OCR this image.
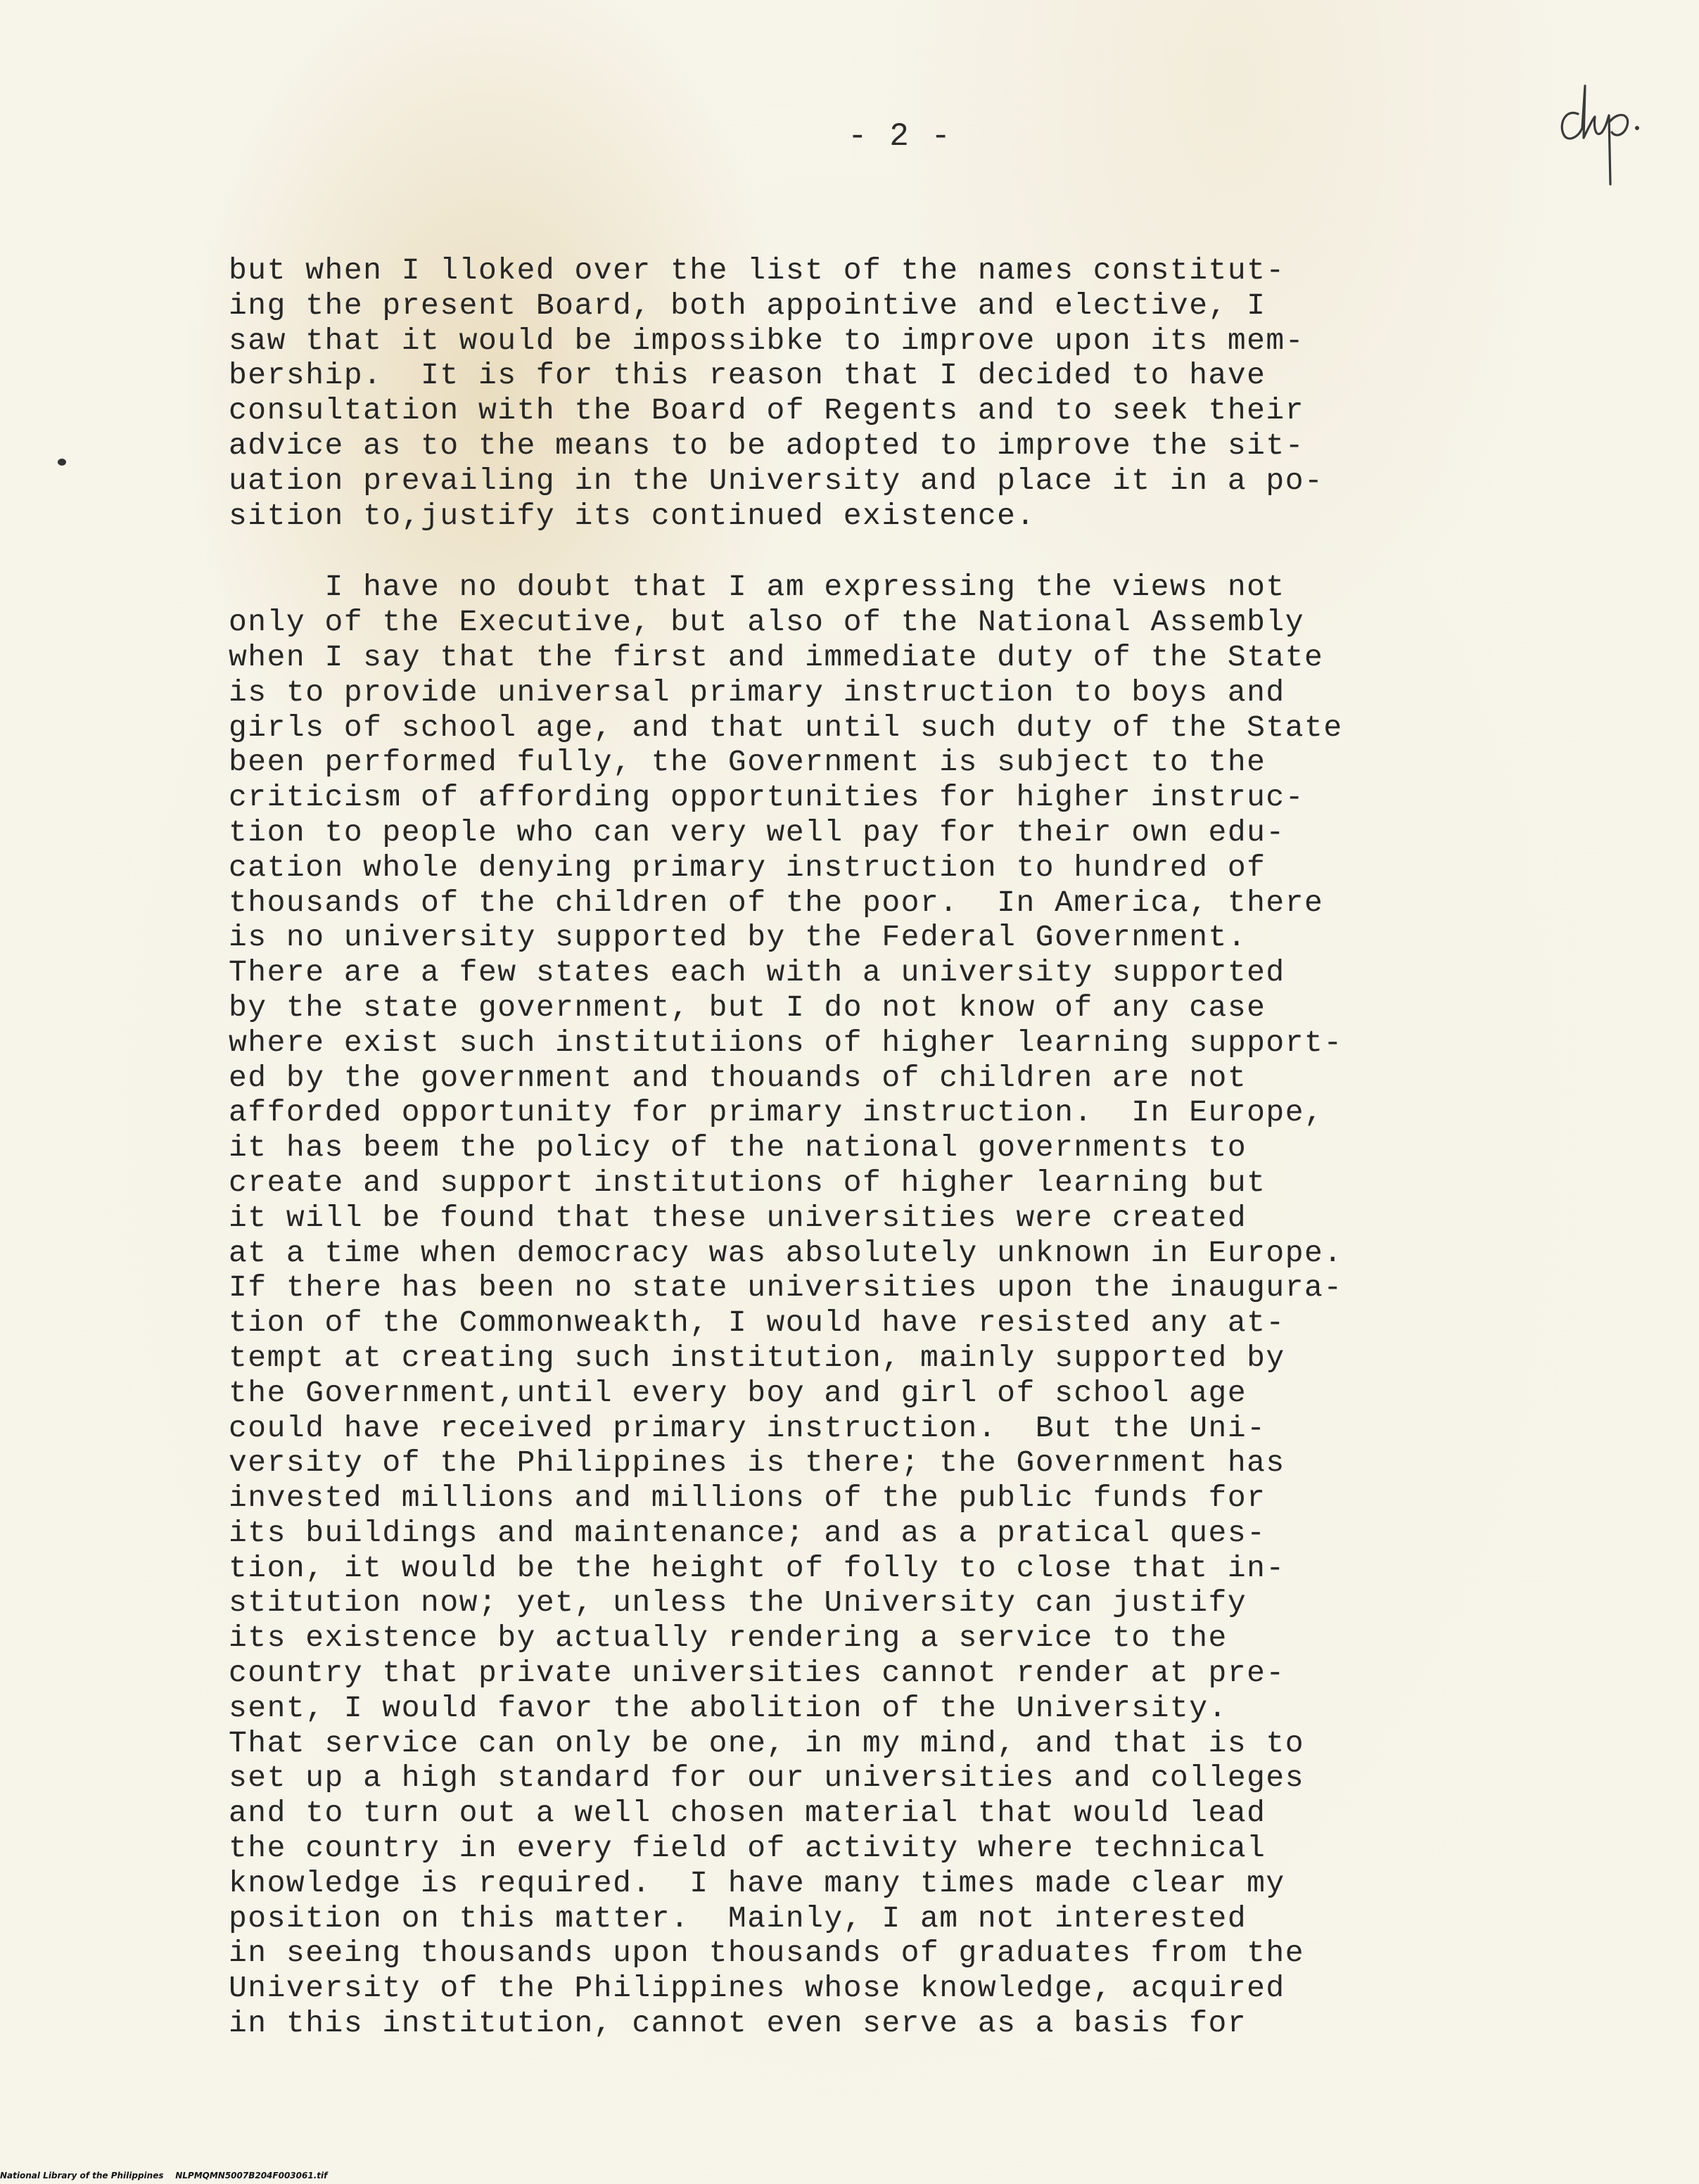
- 2 -
but when I lloked over the list of the names constitut-
ing the present Board, both appointive and elective, I
saw that it would be impossibke to improve upon its mem-
bership.  It is for this reason that I decided to have
consultation with the Board of Regents and to seek their
advice as to the means to be adopted to improve the sit-
uation prevailing in the University and place it in a po-
sition to,justify its continued existence.
I have no doubt that I am expressing the views not
only of the Executive, but also of the National Assembly
when I say that the first and immediate duty of the State
is to provide universal primary instruction to boys and
girls of school age, and that until such duty of the State
been performed fully, the Government is subject to the
criticism of affording opportunities for higher instruc-
tion to people who can very well pay for their own edu-
cation whole denying primary instruction to hundred of
thousands of the children of the poor.  In America, there
is no university supported by the Federal Government.
There are a few states each with a university supported
by the state government, but I do not know of any case
where exist such institutiions of higher learning support-
ed by the government and thouands of children are not
afforded opportunity for primary instruction.  In Europe,
it has beem the policy of the national governments to
create and support institutions of higher learning but
it will be found that these universities were created
at a time when democracy was absolutely unknown in Europe.
If there has been no state universities upon the inaugura-
tion of the Commonweakth, I would have resisted any at-
tempt at creating such institution, mainly supported by
the Government,until every boy and girl of school age
could have received primary instruction.  But the Uni-
versity of the Philippines is there; the Government has
invested millions and millions of the public funds for
its buildings and maintenance; and as a pratical ques-
tion, it would be the height of folly to close that in-
stitution now; yet, unless the University can justify
its existence by actually rendering a service to the
country that private universities cannot render at pre-
sent, I would favor the abolition of the University.
That service can only be one, in my mind, and that is to
set up a high standard for our universities and colleges
and to turn out a well chosen material that would lead
the country in every field of activity where technical
knowledge is required.  I have many times made clear my
position on this matter.  Mainly, I am not interested
in seeing thousands upon thousands of graduates from the
University of the Philippines whose knowledge, acquired
in this institution, cannot even serve as a basis for
National Library of the Philippines NLPMQMN5007B204F003061.tif
